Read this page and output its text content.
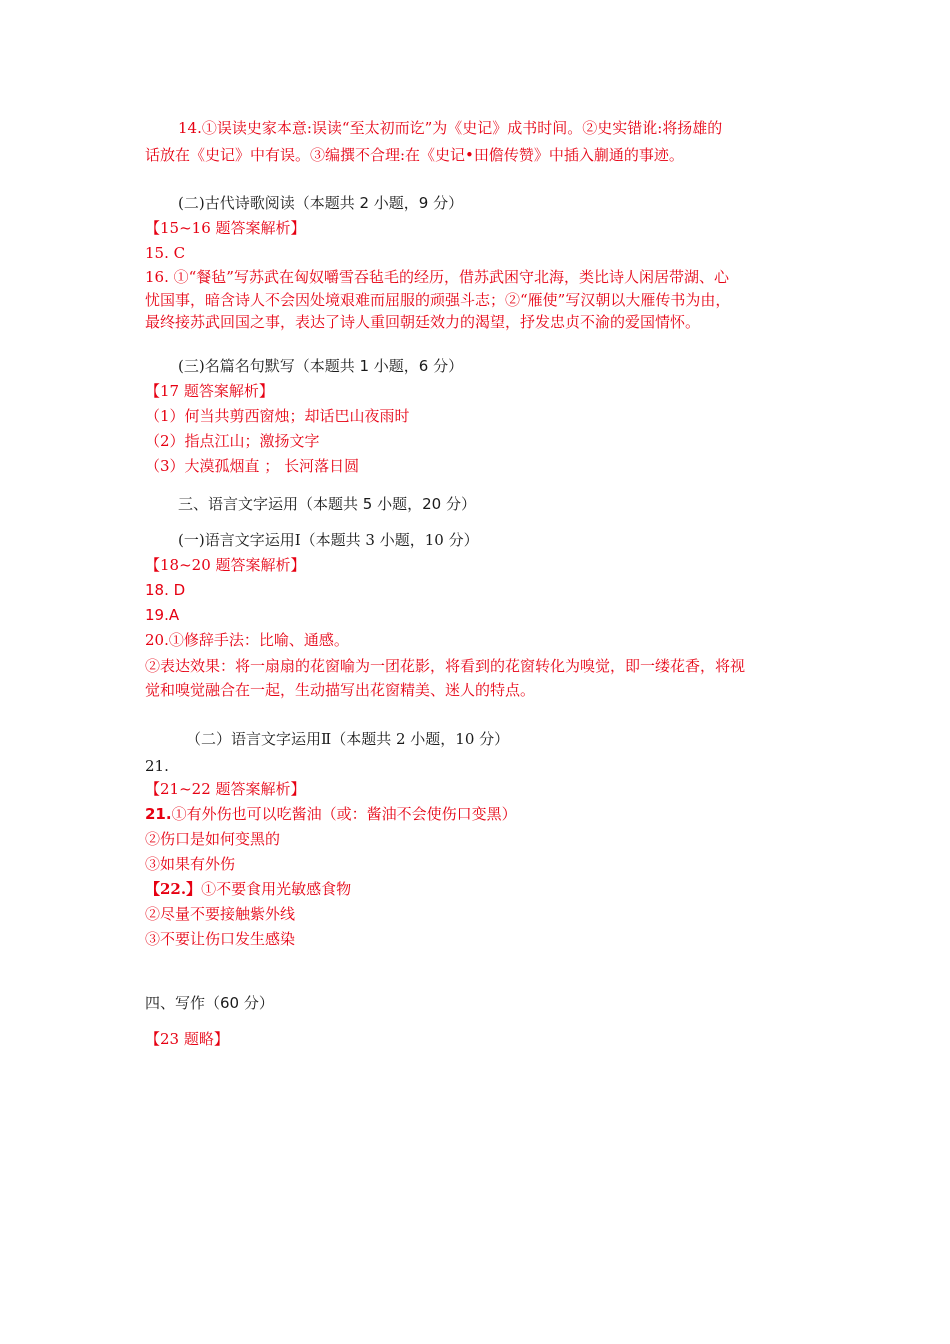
14.①误读史家本意:误读“至太初而讫”为《史记》成书时间。②史实错讹:将扬雄的
话放在《史记》中有误。③编撰不合理:在《史记•田儋传赞》中插入蒯通的事迹。
(二)古代诗歌阅读（本题共 2 小题，9 分）
【15~16 题答案解析】
15. C
16. ①“餐毡”写苏武在匈奴嚼雪吞毡毛的经历，借苏武困守北海，类比诗人闲居带湖、心
忧国事，暗含诗人不会因处境艰难而屈服的顽强斗志；②“雁使”写汉朝以大雁传书为由，
最终接苏武回国之事，表达了诗人重回朝廷效力的渴望，抒发忠贞不渝的爱国情怀。
(三)名篇名句默写（本题共 1 小题，6 分）
【17 题答案解析】
（1）何当共剪西窗烛；却话巴山夜雨时
（2）指点江山；激扬文字
（3）大漠孤烟直 ； 长河落日圆
三、语言文字运用（本题共 5 小题，20 分）
(一)语言文字运用Ⅰ（本题共 3 小题，10 分）
【18~20 题答案解析】
18. D
19.A
20.①修辞手法：比喻、通感。
②表达效果：将一扇扇的花窗喻为一团花影，将看到的花窗转化为嗅觉，即一缕花香，将视
觉和嗅觉融合在一起，生动描写出花窗精美、迷人的特点。
（二）语言文字运用Ⅱ（本题共 2 小题，10 分）
21.
【21~22 题答案解析】
21.①有外伤也可以吃酱油（或：酱油不会使伤口变黑）
②伤口是如何变黑的
③如果有外伤
【22.】①不要食用光敏感食物
②尽量不要接触紫外线
③不要让伤口发生感染
四、写作（60 分）
【23 题略】
